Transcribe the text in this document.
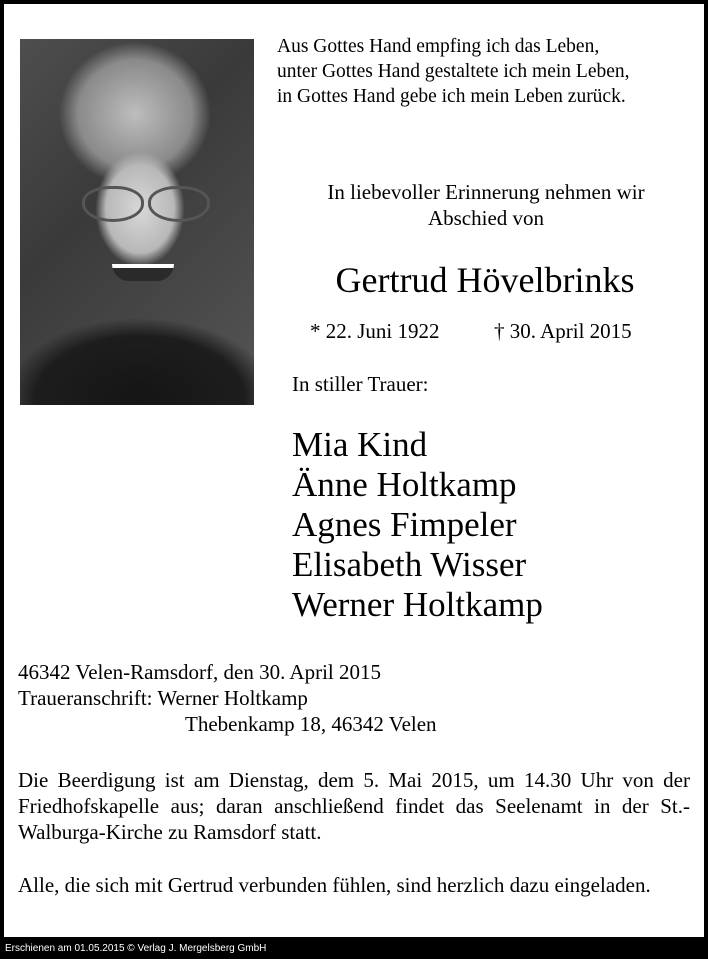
Aus Gottes Hand empfing ich das Leben,
unter Gottes Hand gestaltete ich mein Leben,
in Gottes Hand gebe ich mein Leben zurück.
In liebevoller Erinnerung nehmen wir
Abschied von
Gertrud Hövelbrinks
* 22. Juni 1922	† 30. April 2015
In stiller Trauer:
Mia Kind
Änne Holtkamp
Agnes Fimpeler
Elisabeth Wisser
Werner Holtkamp
46342 Velen-Ramsdorf, den 30. April 2015
Traueranschrift: Werner Holtkamp
Thebenkamp 18, 46342 Velen

Die Beerdigung ist am Dienstag, dem 5. Mai 2015, um 14.30 Uhr von der Friedhofskapelle aus; daran anschließend findet das Seelenamt in der St.-Walburga-Kirche zu Ramsdorf statt.

Alle, die sich mit Gertrud verbunden fühlen, sind herzlich dazu eingeladen.

Erschienen am 01.05.2015 © Verlag J. Mergelsberg GmbH
